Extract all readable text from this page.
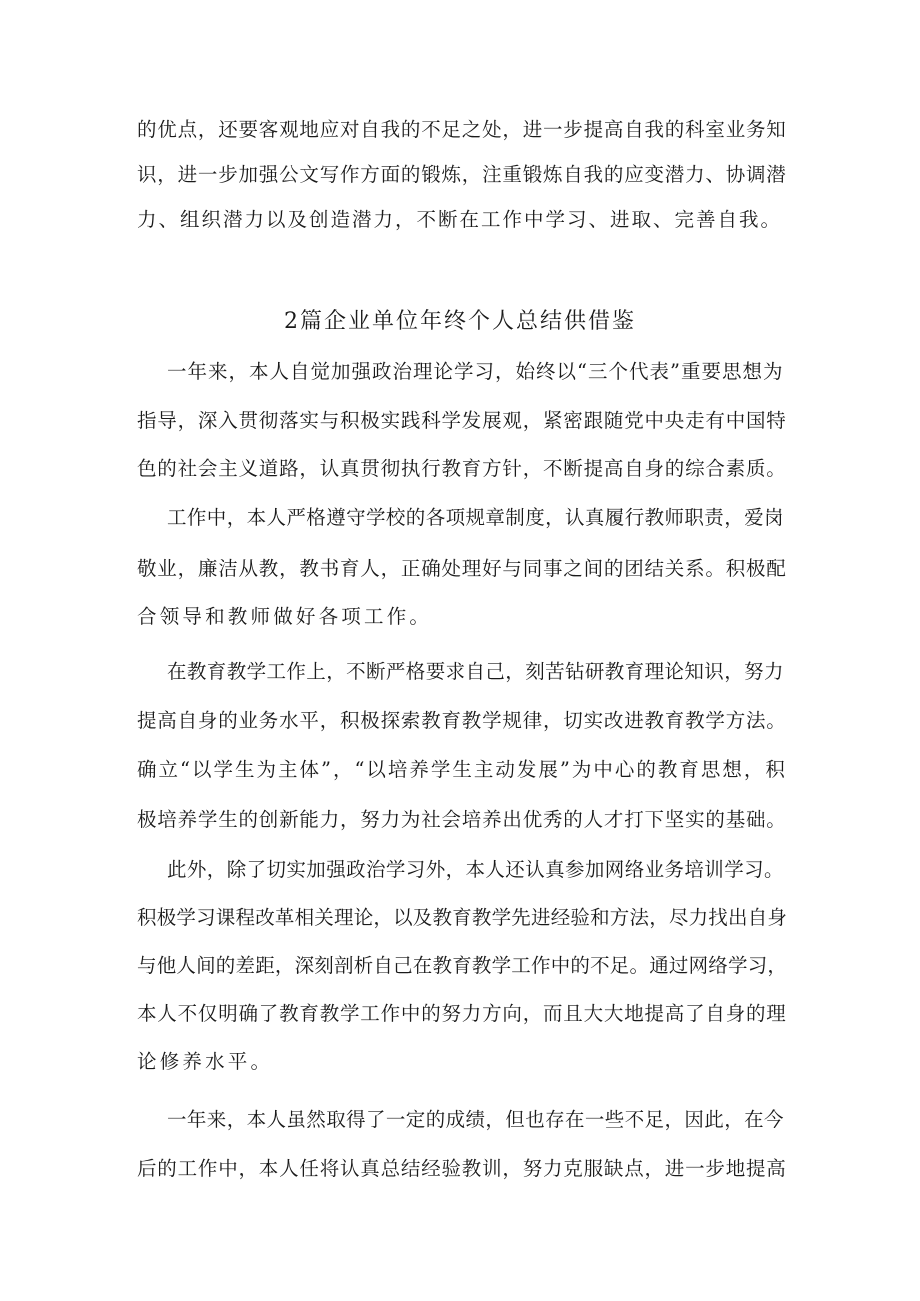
的优点，还要客观地应对自我的不足之处，进一步提高自我的科室业务知
识，进一步加强公文写作方面的锻炼，注重锻炼自我的应变潜力、协调潜
力、组织潜力以及创造潜力，不断在工作中学习、进取、完善自我。
2篇企业单位年终个人总结供借鉴
一年来，本人自觉加强政治理论学习，始终以“三个代表”重要思想为
指导，深入贯彻落实与积极实践科学发展观，紧密跟随党中央走有中国特
色的社会主义道路，认真贯彻执行教育方针，不断提高自身的综合素质。
工作中，本人严格遵守学校的各项规章制度，认真履行教师职责，爱岗
敬业，廉洁从教，教书育人，正确处理好与同事之间的团结关系。积极配
合领导和教师做好各项工作。
在教育教学工作上，不断严格要求自己，刻苦钻研教育理论知识，努力
提高自身的业务水平，积极探索教育教学规律，切实改进教育教学方法。
确立“以学生为主体”，“以培养学生主动发展”为中心的教育思想，积
极培养学生的创新能力，努力为社会培养出优秀的人才打下坚实的基础。
此外，除了切实加强政治学习外，本人还认真参加网络业务培训学习。
积极学习课程改革相关理论，以及教育教学先进经验和方法，尽力找出自身
与他人间的差距，深刻剖析自己在教育教学工作中的不足。通过网络学习，
本人不仅明确了教育教学工作中的努力方向，而且大大地提高了自身的理
论修养水平。
一年来，本人虽然取得了一定的成绩，但也存在一些不足，因此，在今
后的工作中，本人任将认真总结经验教训，努力克服缺点，进一步地提高
